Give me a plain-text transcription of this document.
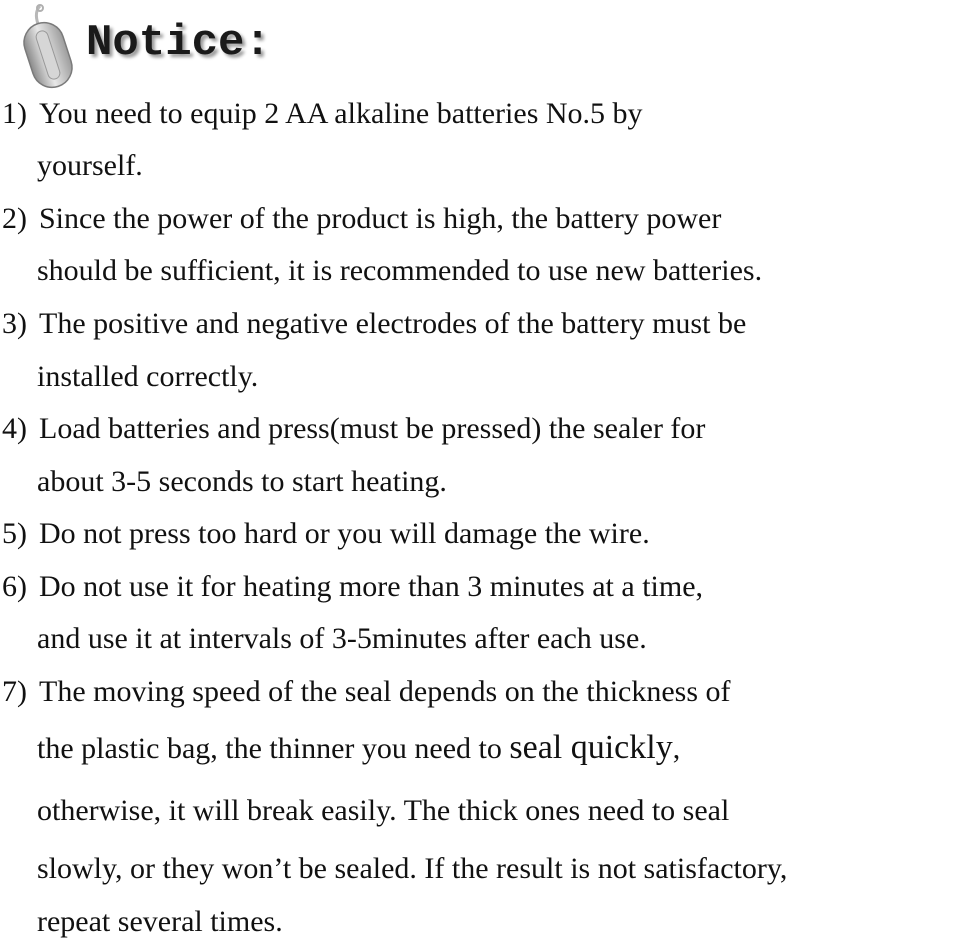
Notice:
1) You need to equip 2 AA alkaline batteries No.5 by
yourself.
2) Since the power of the product is high, the battery power
should be sufficient, it is recommended to use new batteries.
3) The positive and negative electrodes of the battery must be
installed correctly.
4) Load batteries and press(must be pressed) the sealer for
about 3-5 seconds to start heating.
5) Do not press too hard or you will damage the wire.
6) Do not use it for heating more than 3 minutes at a time,
and use it at intervals of 3-5minutes after each use.
7) The moving speed of the seal depends on the thickness of
the plastic bag, the thinner you need to seal quickly,
otherwise, it will break easily. The thick ones need to seal
slowly, or they won’t be sealed. If the result is not satisfactory,
repeat several times.
